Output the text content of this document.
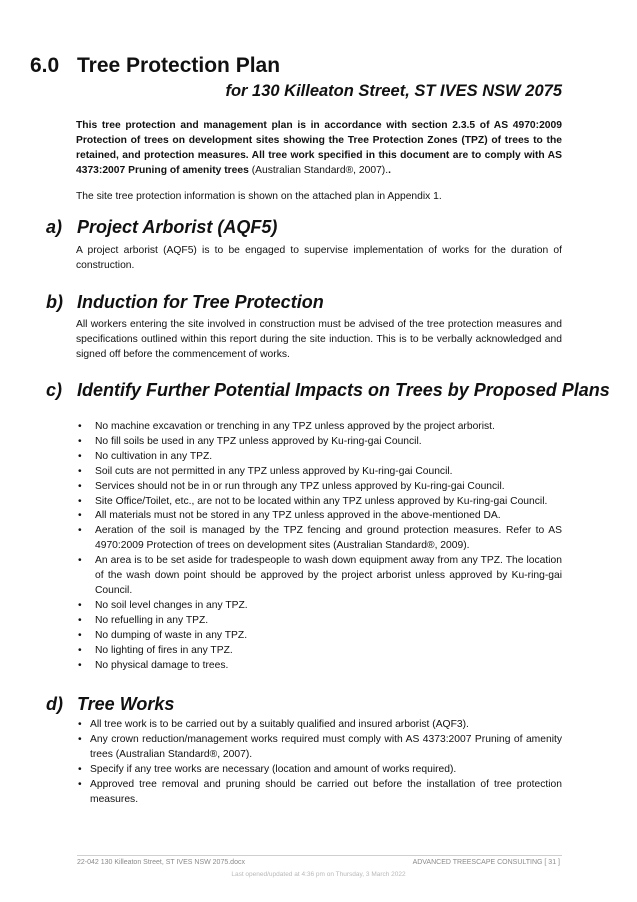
6.0 Tree Protection Plan
for 130 Killeaton Street, ST IVES NSW 2075
This tree protection and management plan is in accordance with section 2.3.5 of AS 4970:2009 Protection of trees on development sites showing the Tree Protection Zones (TPZ) of trees to the retained, and protection measures. All tree work specified in this document are to comply with AS 4373:2007 Pruning of amenity trees (Australian Standard®, 2007)..
The site tree protection information is shown on the attached plan in Appendix 1.
a) Project Arborist (AQF5)
A project arborist (AQF5) is to be engaged to supervise implementation of works for the duration of construction.
b) Induction for Tree Protection
All workers entering the site involved in construction must be advised of the tree protection measures and specifications outlined within this report during the site induction. This is to be verbally acknowledged and signed off before the commencement of works.
c) Identify Further Potential Impacts on Trees by Proposed Plans
• No machine excavation or trenching in any TPZ unless approved by the project arborist.
• No fill soils be used in any TPZ unless approved by Ku-ring-gai Council.
• No cultivation in any TPZ.
• Soil cuts are not permitted in any TPZ unless approved by Ku-ring-gai Council.
• Services should not be in or run through any TPZ unless approved by Ku-ring-gai Council.
• Site Office/Toilet, etc., are not to be located within any TPZ unless approved by Ku-ring-gai Council.
• All materials must not be stored in any TPZ unless approved in the above-mentioned DA.
• Aeration of the soil is managed by the TPZ fencing and ground protection measures. Refer to AS 4970:2009 Protection of trees on development sites (Australian Standard®, 2009).
• An area is to be set aside for tradespeople to wash down equipment away from any TPZ. The location of the wash down point should be approved by the project arborist unless approved by Ku-ring-gai Council.
• No soil level changes in any TPZ.
• No refuelling in any TPZ.
• No dumping of waste in any TPZ.
• No lighting of fires in any TPZ.
• No physical damage to trees.
d) Tree Works
• All tree work is to be carried out by a suitably qualified and insured arborist (AQF3).
• Any crown reduction/management works required must comply with AS 4373:2007 Pruning of amenity trees (Australian Standard®, 2007).
• Specify if any tree works are necessary (location and amount of works required).
• Approved tree removal and pruning should be carried out before the installation of tree protection measures.
22-042 130 Killeaton Street, ST IVES NSW 2075.docx	ADVANCED TREESCAPE CONSULTING [ 31 ]
Last opened/updated at 4:36 pm on Thursday, 3 March 2022
